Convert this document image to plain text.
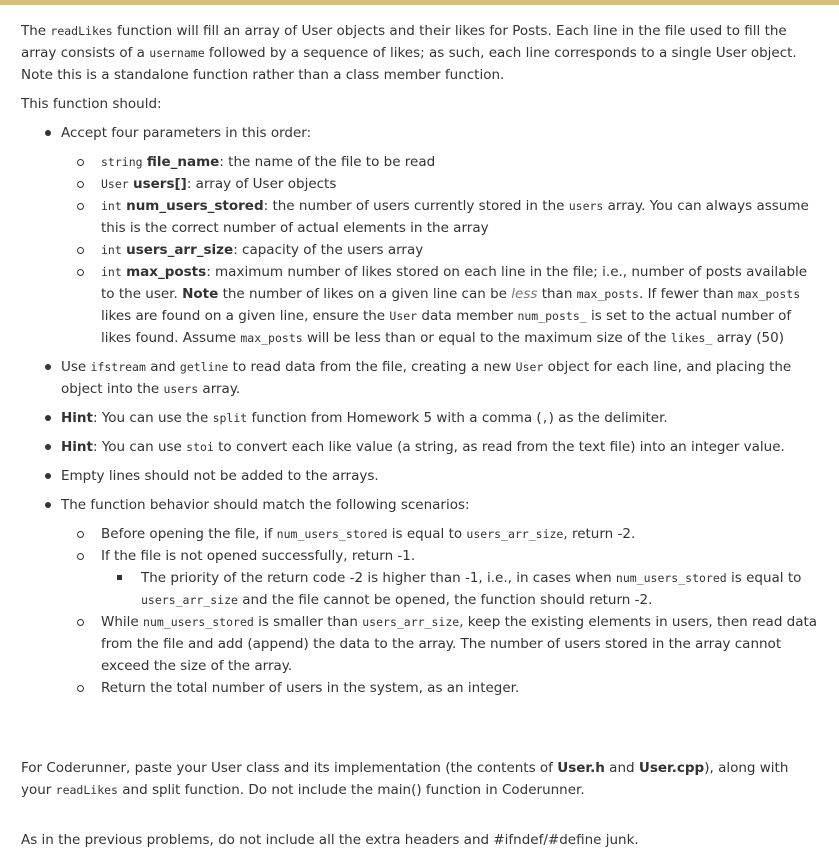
The readLikes function will fill an array of User objects and their likes for Posts. Each line in the file used to fill the array consists of a username followed by a sequence of likes; as such, each line corresponds to a single User object. Note this is a standalone function rather than a class member function.

This function should:

Accept four parameters in this order:
string file_name: the name of the file to be read
User users[]: array of User objects
int num_users_stored: the number of users currently stored in the users array. You can always assume this is the correct number of actual elements in the array
int users_arr_size: capacity of the users array
int max_posts: maximum number of likes stored on each line in the file; i.e., number of posts available to the user. Note the number of likes on a given line can be less than max_posts. If fewer than max_posts likes are found on a given line, ensure the User data member num_posts_ is set to the actual number of likes found. Assume max_posts will be less than or equal to the maximum size of the likes_ array (50)
Use ifstream and getline to read data from the file, creating a new User object for each line, and placing the object into the users array.
Hint: You can use the split function from Homework 5 with a comma (,) as the delimiter.
Hint: You can use stoi to convert each like value (a string, as read from the text file) into an integer value.
Empty lines should not be added to the arrays.
The function behavior should match the following scenarios:
Before opening the file, if num_users_stored is equal to users_arr_size, return -2.
If the file is not opened successfully, return -1.
The priority of the return code -2 is higher than -1, i.e., in cases when num_users_stored is equal to users_arr_size and the file cannot be opened, the function should return -2.
While num_users_stored is smaller than users_arr_size, keep the existing elements in users, then read data from the file and add (append) the data to the array. The number of users stored in the array cannot exceed the size of the array.
Return the total number of users in the system, as an integer.

For Coderunner, paste your User class and its implementation (the contents of User.h and User.cpp), along with your readLikes and split function. Do not include the main() function in Coderunner.

As in the previous problems, do not include all the extra headers and #ifndef/#define junk.
